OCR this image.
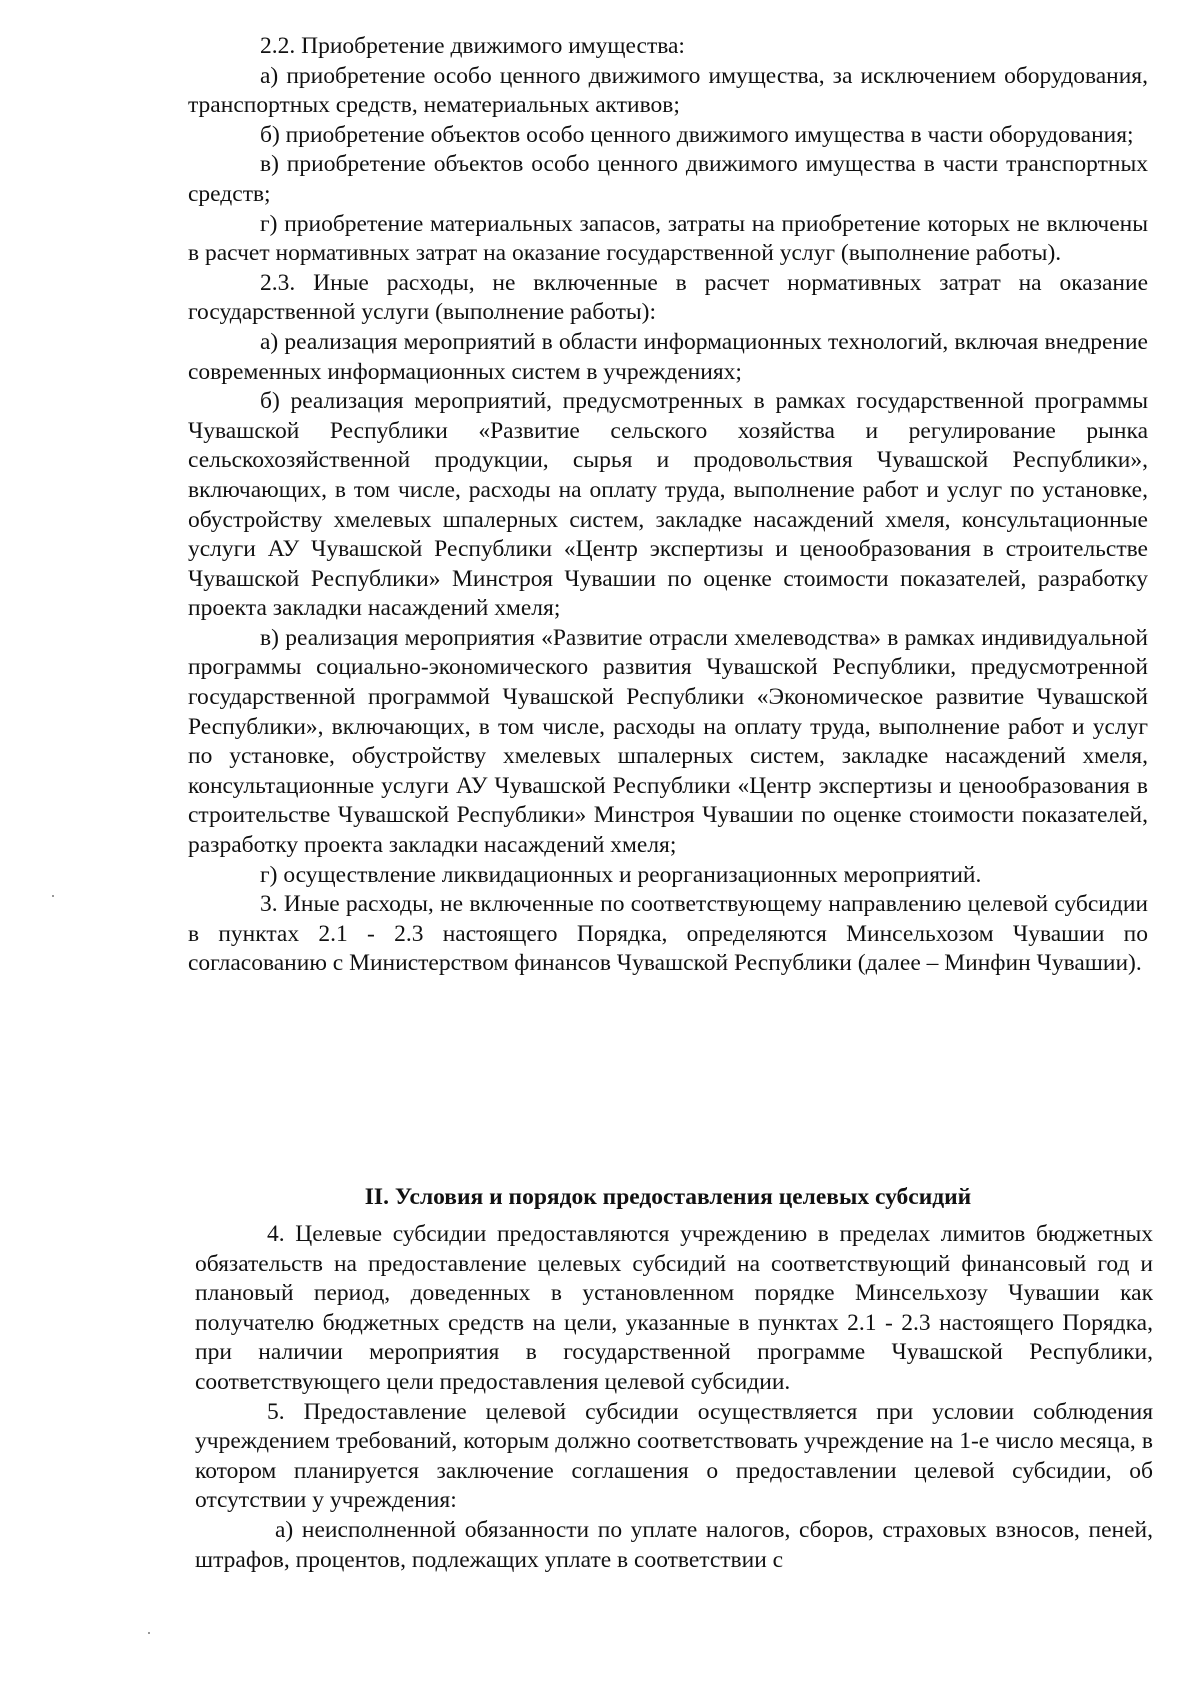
2.2. Приобретение движимого имущества:

а) приобретение особо ценного движимого имущества, за исключением оборудования, транспортных средств, нематериальных активов;

б) приобретение объектов особо ценного движимого имущества в части оборудования;

в) приобретение объектов особо ценного движимого имущества в части транспортных средств;

г) приобретение материальных запасов, затраты на приобретение которых не включены в расчет нормативных затрат на оказание государственной услуг (выполнение работы).

2.3. Иные расходы, не включенные в расчет нормативных затрат на оказание государственной услуги (выполнение работы):

а) реализация мероприятий в области информационных технологий, включая внедрение современных информационных систем в учреждениях;

б) реализация мероприятий, предусмотренных в рамках государственной программы Чувашской Республики «Развитие сельского хозяйства и регулирование рынка сельскохозяйственной продукции, сырья и продовольствия Чувашской Республики», включающих, в том числе, расходы на оплату труда, выполнение работ и услуг по установке, обустройству хмелевых шпалерных систем, закладке насаждений хмеля, консультационные услуги АУ Чувашской Республики «Центр экспертизы и ценообразования в строительстве Чувашской Республики» Минстроя Чувашии по оценке стоимости показателей, разработку проекта закладки насаждений хмеля;

в) реализация мероприятия «Развитие отрасли хмелеводства» в рамках индивидуальной программы социально-экономического развития Чувашской Республики, предусмотренной государственной программой Чувашской Республики «Экономическое развитие Чувашской Республики», включающих, в том числе, расходы на оплату труда, выполнение работ и услуг по установке, обустройству хмелевых шпалерных систем, закладке насаждений хмеля, консультационные услуги АУ Чувашской Республики «Центр экспертизы и ценообразования в строительстве Чувашской Республики» Минстроя Чувашии по оценке стоимости показателей, разработку проекта закладки насаждений хмеля;

г) осуществление ликвидационных и реорганизационных мероприятий.

3. Иные расходы, не включенные по соответствующему направлению целевой субсидии в пунктах 2.1 - 2.3 настоящего Порядка, определяются Минсельхозом Чувашии по согласованию с Министерством финансов Чувашской Республики (далее – Минфин Чувашии).

II. Условия и порядок предоставления целевых субсидий

4. Целевые субсидии предоставляются учреждению в пределах лимитов бюджетных обязательств на предоставление целевых субсидий на соответствующий финансовый год и плановый период, доведенных в установленном порядке Минсельхозу Чувашии как получателю бюджетных средств на цели, указанные в пунктах 2.1 - 2.3 настоящего Порядка, при наличии мероприятия в государственной программе Чувашской Республики, соответствующего цели предоставления целевой субсидии.

5. Предоставление целевой субсидии осуществляется при условии соблюдения учреждением требований, которым должно соответствовать учреждение на 1-е число месяца, в котором планируется заключение соглашения о предоставлении целевой субсидии, об отсутствии у учреждения:

а) неисполненной обязанности по уплате налогов, сборов, страховых взносов, пеней, штрафов, процентов, подлежащих уплате в соответствии с
